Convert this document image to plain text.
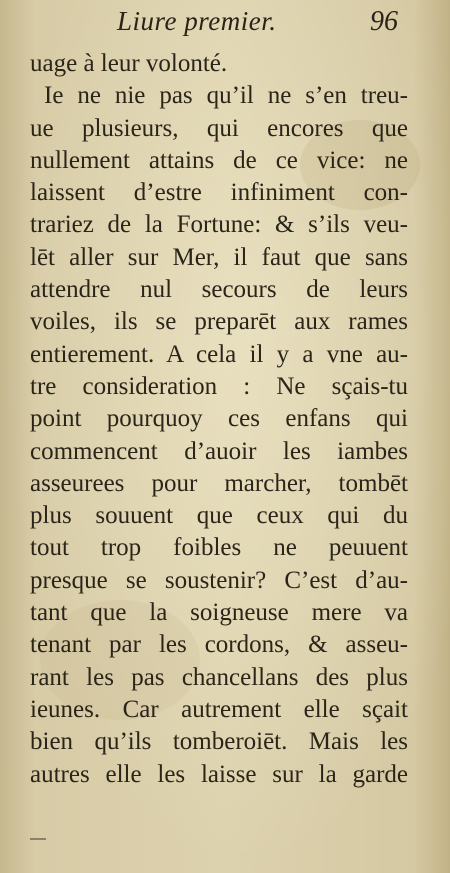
Liure premier.	96
uage à leur volonté.
Ie ne nie pas qu’il ne s’en treu-
ue plusieurs, qui encores que
nullement attains de ce vice: ne
laissent d’estre infiniment con-
trariez de la Fortune: & s’ils veu-
lēt aller sur Mer, il faut que sans
attendre nul secours de leurs
voiles, ils se preparēt aux rames
entierement. A cela il y a vne au-
tre consideration : Ne sçais-tu
point pourquoy ces enfans qui
commencent d’auoir les iambes
asseurees pour marcher, tombēt
plus souuent que ceux qui du
tout trop foibles ne peuuent
presque se soustenir? C’est d’au-
tant que la soigneuse mere va
tenant par les cordons, & asseu-
rant les pas chancellans des plus
ieunes. Car autrement elle sçait
bien qu’ils tomberoiēt. Mais les
autres elle les laisse sur la garde
